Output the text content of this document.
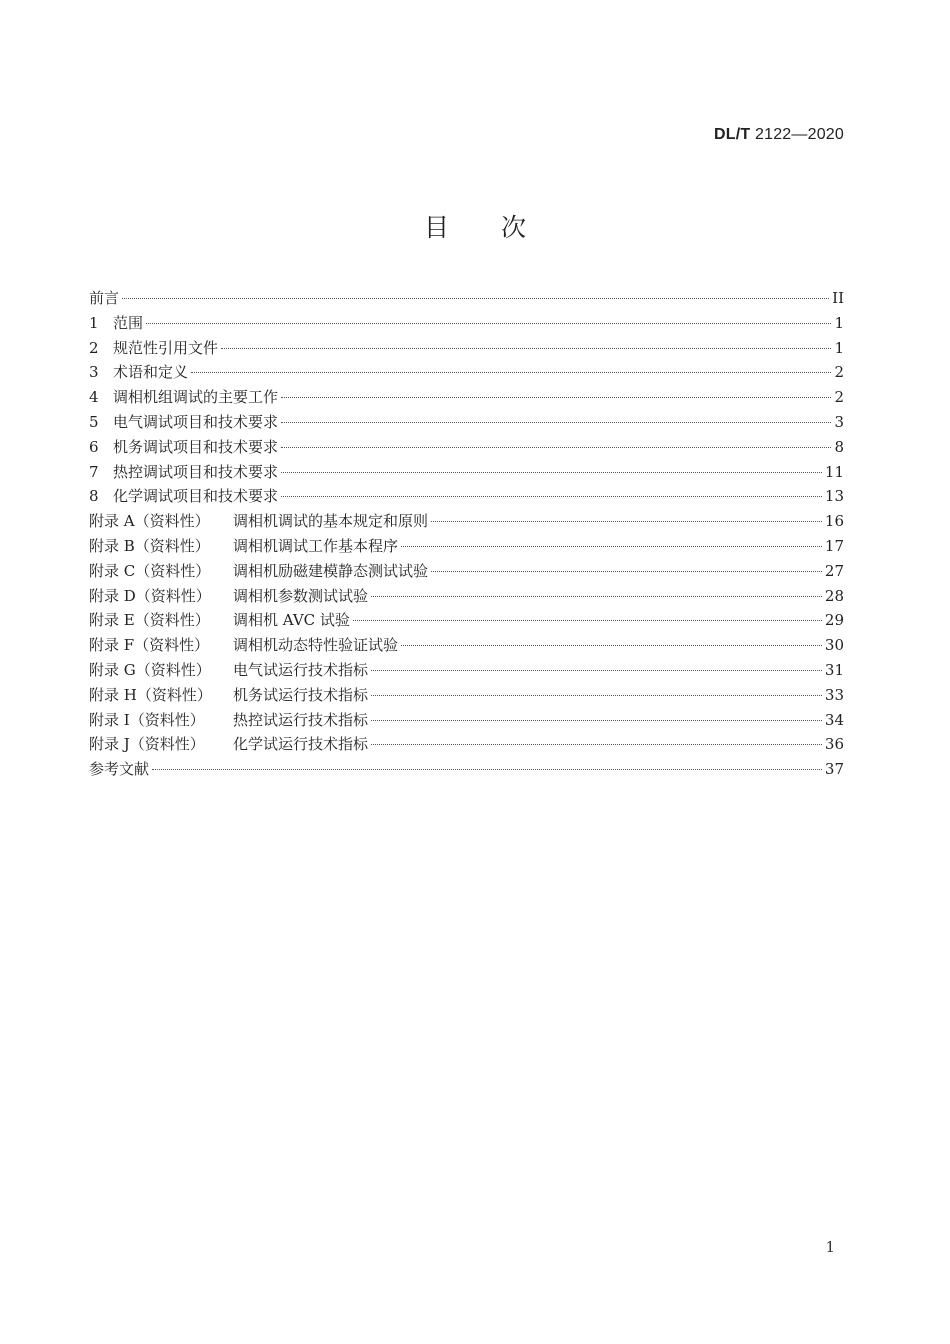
DL/T 2122—2020
目次
前言	II
1 范围	1
2 规范性引用文件	1
3 术语和定义	2
4 调相机组调试的主要工作	2
5 电气调试项目和技术要求	3
6 机务调试项目和技术要求	8
7 热控调试项目和技术要求	11
8 化学调试项目和技术要求	13
附录 A（资料性）	调相机调试的基本规定和原则	16
附录 B（资料性）	调相机调试工作基本程序	17
附录 C（资料性）	调相机励磁建模静态测试试验	27
附录 D（资料性）	调相机参数测试试验	28
附录 E（资料性）	调相机 AVC 试验	29
附录 F（资料性）	调相机动态特性验证试验	30
附录 G（资料性）	电气试运行技术指标	31
附录 H（资料性）	机务试运行技术指标	33
附录 I（资料性）	热控试运行技术指标	34
附录 J（资料性）	化学试运行技术指标	36
参考文献	37
1
